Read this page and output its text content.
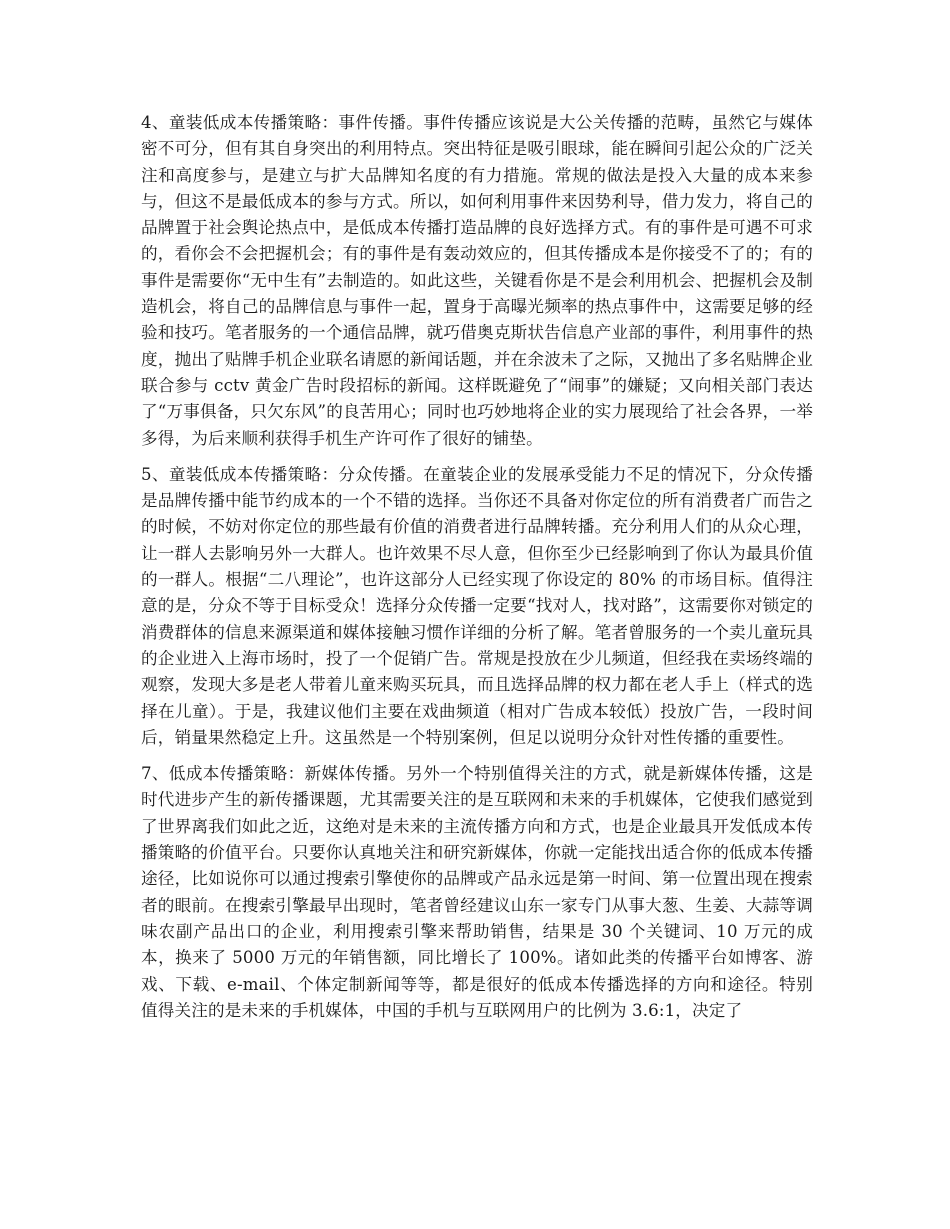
4、童装低成本传播策略：事件传播。事件传播应该说是大公关传播的范畴，虽然它与媒体密不可分，但有其自身突出的利用特点。突出特征是吸引眼球，能在瞬间引起公众的广泛关注和高度参与，是建立与扩大品牌知名度的有力措施。常规的做法是投入大量的成本来参与，但这不是最低成本的参与方式。所以，如何利用事件来因势利导，借力发力，将自己的品牌置于社会舆论热点中，是低成本传播打造品牌的良好选择方式。有的事件是可遇不可求的，看你会不会把握机会；有的事件是有轰动效应的，但其传播成本是你接受不了的；有的事件是需要你“无中生有”去制造的。如此这些，关键看你是不是会利用机会、把握机会及制造机会，将自己的品牌信息与事件一起，置身于高曝光频率的热点事件中，这需要足够的经验和技巧。笔者服务的一个通信品牌，就巧借奥克斯状告信息产业部的事件，利用事件的热度，抛出了贴牌手机企业联名请愿的新闻话题，并在余波未了之际，又抛出了多名贴牌企业联合参与 cctv 黄金广告时段招标的新闻。这样既避免了“闹事”的嫌疑；又向相关部门表达了“万事俱备，只欠东风”的良苦用心；同时也巧妙地将企业的实力展现给了社会各界，一举多得，为后来顺利获得手机生产许可作了很好的铺垫。

5、童装低成本传播策略：分众传播。在童装企业的发展承受能力不足的情况下，分众传播是品牌传播中能节约成本的一个不错的选择。当你还不具备对你定位的所有消费者广而告之的时候，不妨对你定位的那些最有价值的消费者进行品牌转播。充分利用人们的从众心理，让一群人去影响另外一大群人。也许效果不尽人意，但你至少已经影响到了你认为最具价值的一群人。根据“二八理论”，也许这部分人已经实现了你设定的 80% 的市场目标。值得注意的是，分众不等于目标受众！选择分众传播一定要“找对人，找对路”，这需要你对锁定的消费群体的信息来源渠道和媒体接触习惯作详细的分析了解。笔者曾服务的一个卖儿童玩具的企业进入上海市场时，投了一个促销广告。常规是投放在少儿频道，但经我在卖场终端的观察，发现大多是老人带着儿童来购买玩具，而且选择品牌的权力都在老人手上（样式的选择在儿童）。于是，我建议他们主要在戏曲频道（相对广告成本较低）投放广告，一段时间后，销量果然稳定上升。这虽然是一个特别案例，但足以说明分众针对性传播的重要性。

7、低成本传播策略：新媒体传播。另外一个特别值得关注的方式，就是新媒体传播，这是时代进步产生的新传播课题，尤其需要关注的是互联网和未来的手机媒体，它使我们感觉到了世界离我们如此之近，这绝对是未来的主流传播方向和方式，也是企业最具开发低成本传播策略的价值平台。只要你认真地关注和研究新媒体，你就一定能找出适合你的低成本传播途径，比如说你可以通过搜索引擎使你的品牌或产品永远是第一时间、第一位置出现在搜索者的眼前。在搜索引擎最早出现时，笔者曾经建议山东一家专门从事大葱、生姜、大蒜等调味农副产品出口的企业，利用搜索引擎来帮助销售，结果是 30 个关键词、10 万元的成本，换来了 5000 万元的年销售额，同比增长了 100%。诸如此类的传播平台如博客、游戏、下载、e-mail、个体定制新闻等等，都是很好的低成本传播选择的方向和途径。特别值得关注的是未来的手机媒体，中国的手机与互联网用户的比例为 3.6:1，决定了
